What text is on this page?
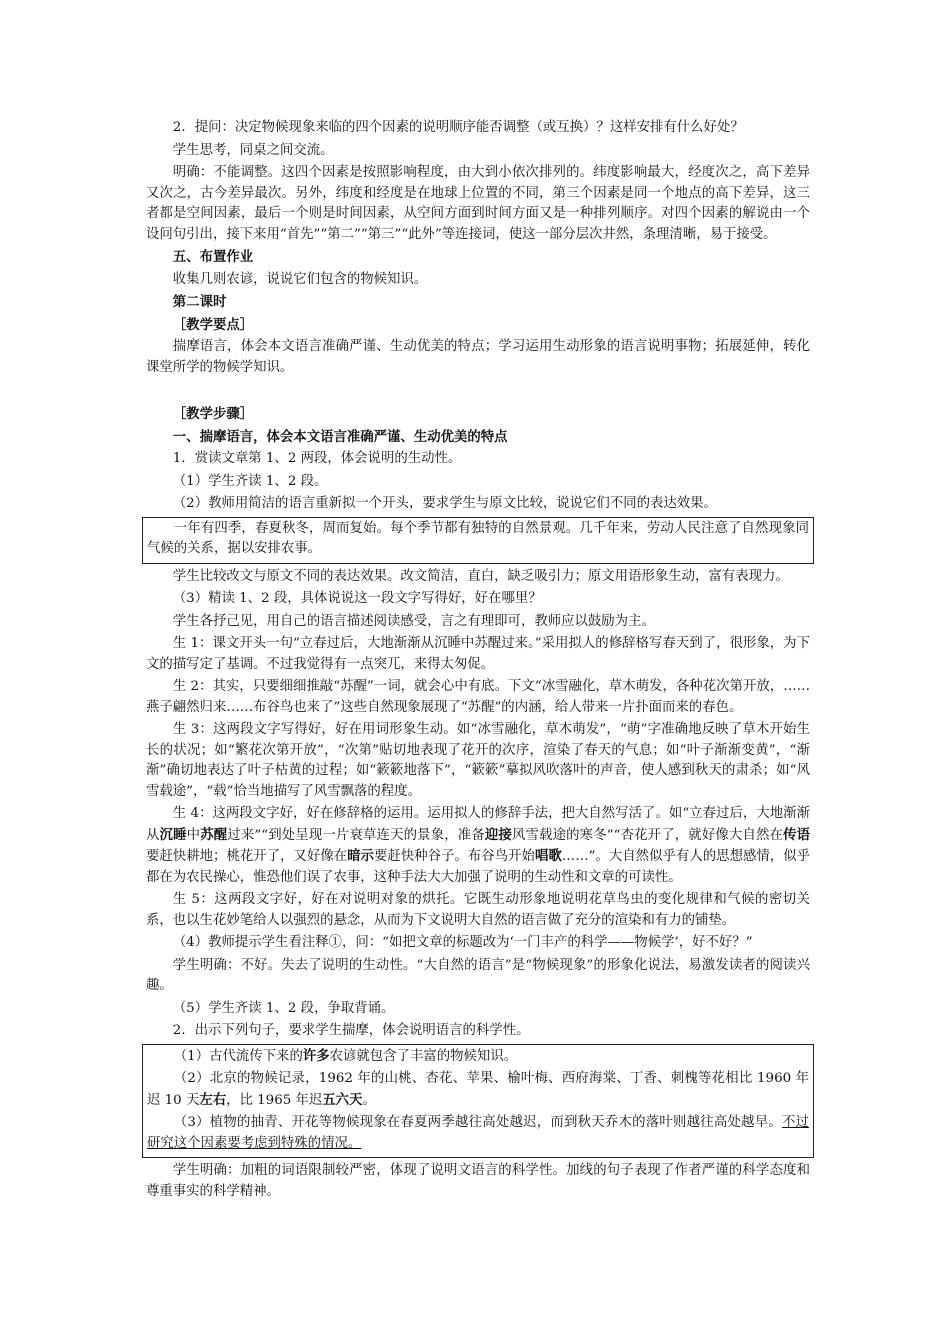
2．提问：决定物候现象来临的四个因素的说明顺序能否调整（或互换）？这样安排有什么好处？

学生思考，同桌之间交流。

明确：不能调整。这四个因素是按照影响程度，由大到小依次排列的。纬度影响最大，经度次之，高下差异又次之，古今差异最次。另外，纬度和经度是在地球上位置的不同，第三个因素是同一个地点的高下差异，这三者都是空间因素，最后一个则是时间因素，从空间方面到时间方面又是一种排列顺序。对四个因素的解说由一个设问句引出，接下来用“首先”“第二”“第三”“此外”等连接词，使这一部分层次井然，条理清晰，易于接受。

五、布置作业

收集几则农谚，说说它们包含的物候知识。

第二课时

［教学要点］

揣摩语言，体会本文语言准确严谨、生动优美的特点；学习运用生动形象的语言说明事物；拓展延伸，转化课堂所学的物候学知识。

［教学步骤］

一、揣摩语言，体会本文语言准确严谨、生动优美的特点

1．赏读文章第 1、2 两段，体会说明的生动性。

（1）学生齐读 1、2 段。

（2）教师用简洁的语言重新拟一个开头，要求学生与原文比较，说说它们不同的表达效果。

一年有四季，春夏秋冬，周而复始。每个季节都有独特的自然景观。几千年来，劳动人民注意了自然现象同气候的关系，据以安排农事。

学生比较改文与原文不同的表达效果。改文简洁，直白，缺乏吸引力；原文用语形象生动，富有表现力。

（3）精读 1、2 段，具体说说这一段文字写得好，好在哪里？

学生各抒己见，用自己的语言描述阅读感受，言之有理即可，教师应以鼓励为主。

生 1：课文开头一句“立春过后，大地渐渐从沉睡中苏醒过来。”采用拟人的修辞格写春天到了，很形象，为下文的描写定了基调。不过我觉得有一点突兀，来得太匆促。

生 2：其实，只要细细推敲“苏醒”一词，就会心中有底。下文“冰雪融化，草木萌发，各种花次第开放，……燕子翩然归来……布谷鸟也来了”这些自然现象展现了“苏醒”的内涵，给人带来一片扑面而来的春色。

生 3：这两段文字写得好，好在用词形象生动。如“冰雪融化，草木萌发”，“萌”字准确地反映了草木开始生长的状况；如“繁花次第开放”，“次第”贴切地表现了花开的次序，渲染了春天的气息；如“叶子渐渐变黄”，“渐渐”确切地表达了叶子枯黄的过程；如“簌簌地落下”，“簌簌”摹拟风吹落叶的声音，使人感到秋天的肃杀；如“风雪载途”，“载”恰当地描写了风雪飘落的程度。

生 4：这两段文字好，好在修辞格的运用。运用拟人的修辞手法，把大自然写活了。如“立春过后，大地渐渐从沉睡中苏醒过来”“到处呈现一片衰草连天的景象，准备迎接风雪载途的寒冬”“杏花开了，就好像大自然在传语要赶快耕地；桃花开了，又好像在暗示要赶快种谷子。布谷鸟开始唱歌……”。大自然似乎有人的思想感情，似乎都在为农民操心，惟恐他们误了农事，这种手法大大加强了说明的生动性和文章的可读性。

生 5：这两段文字好，好在对说明对象的烘托。它既生动形象地说明花草鸟虫的变化规律和气候的密切关系，也以生花妙笔给人以强烈的悬念，从而为下文说明大自然的语言做了充分的渲染和有力的铺垫。

（4）教师提示学生看注释①，问：“如把文章的标题改为‘一门丰产的科学——物候学’，好不好？”

学生明确：不好。失去了说明的生动性。“大自然的语言”是“物候现象”的形象化说法，易激发读者的阅读兴趣。

（5）学生齐读 1、2 段，争取背诵。

2．出示下列句子，要求学生揣摩，体会说明语言的科学性。

（1）古代流传下来的许多农谚就包含了丰富的物候知识。

（2）北京的物候记录，1962 年的山桃、杏花、苹果、榆叶梅、西府海棠、丁香、刺槐等花相比 1960 年迟 10 天左右，比 1965 年迟五六天。

（3）植物的抽青、开花等物候现象在春夏两季越往高处越迟，而到秋天乔木的落叶则越往高处越早。不过研究这个因素要考虑到特殊的情况。

学生明确：加粗的词语限制较严密，体现了说明文语言的科学性。加线的句子表现了作者严谨的科学态度和尊重事实的科学精神。
